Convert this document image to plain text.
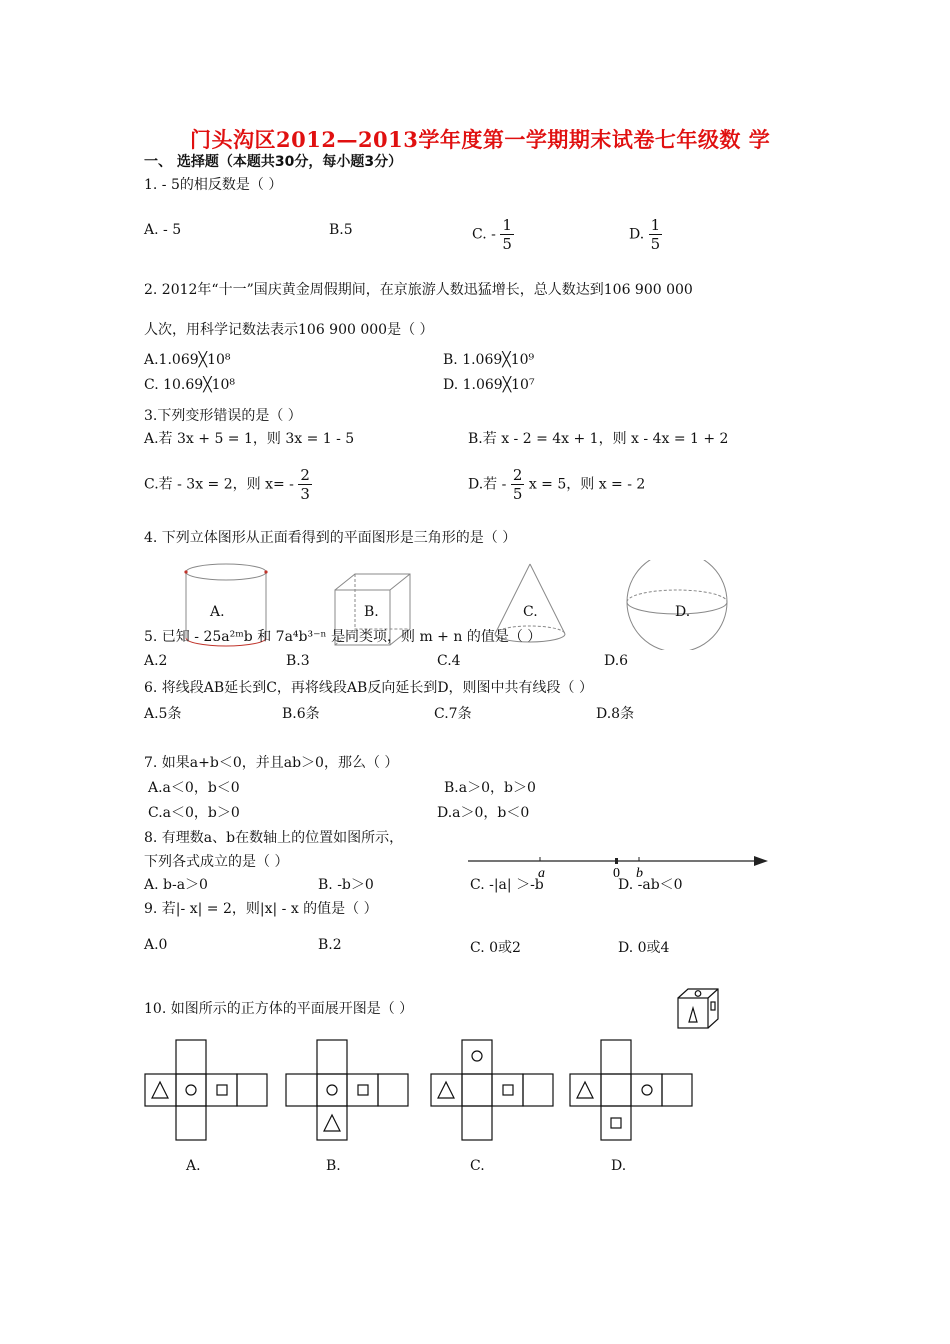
门头沟区2012—2013学年度第一学期期末试卷七年级数 学
一、 选择题（本题共30分，每小题3分）
1. - 5的相反数是（ ）
A. - 5	B.5	C. - $\frac{1}{5}$	D. $\frac{1}{5}$
2. 2012年“十一”国庆黄金周假期间，在京旅游人数迅猛增长，总人数达到106 900 000
人次，用科学记数法表示106 900 000是（ ）
A.1.069╳10⁸	B. 1.069╳10⁹
C. 10.69╳10⁸	D. 1.069╳10⁷
3.下列变形错误的是（ ）
A.若 3x + 5 = 1，则 3x = 1 - 5	B.若 x - 2 = 4x + 1，则 x - 4x = 1 + 2
C.若 - 3x = 2，则 $x= - \frac{2}{3}$	D.若 - $\frac{2}{5}$ x = 5，则 x = - 2
4. 下列立体图形从正面看得到的平面图形是三角形的是（ ）
A.	B.	C.	D.
5. 已知 - 25a²ᵐb 和 7a⁴b³⁻ⁿ 是同类项，则 m + n 的值是（ ）
A.2	B.3	C.4	D.6
6. 将线段AB延长到C，再将线段AB反向延长到D，则图中共有线段（ ）
A.5条	B.6条	C.7条	D.8条
7. 如果a+b＜0，并且ab＞0，那么（ ）
A.a＜0，b＜0	B.a＞0，b＞0
C.a＜0，b＞0	D.a＞0，b＜0
8. 有理数a、b在数轴上的位置如图所示，
下列各式成立的是（ ）
a	0 b
A. b-a＞0	B. -b＞0	C. -|a| ＞-b	D. -ab＜0
9. 若|- x| = 2，则|x| - x 的值是（ ）
A.0	B.2	C. 0或2	D. 0或4
10. 如图所示的正方体的平面展开图是（ ）
A.	B.	C.	D.
